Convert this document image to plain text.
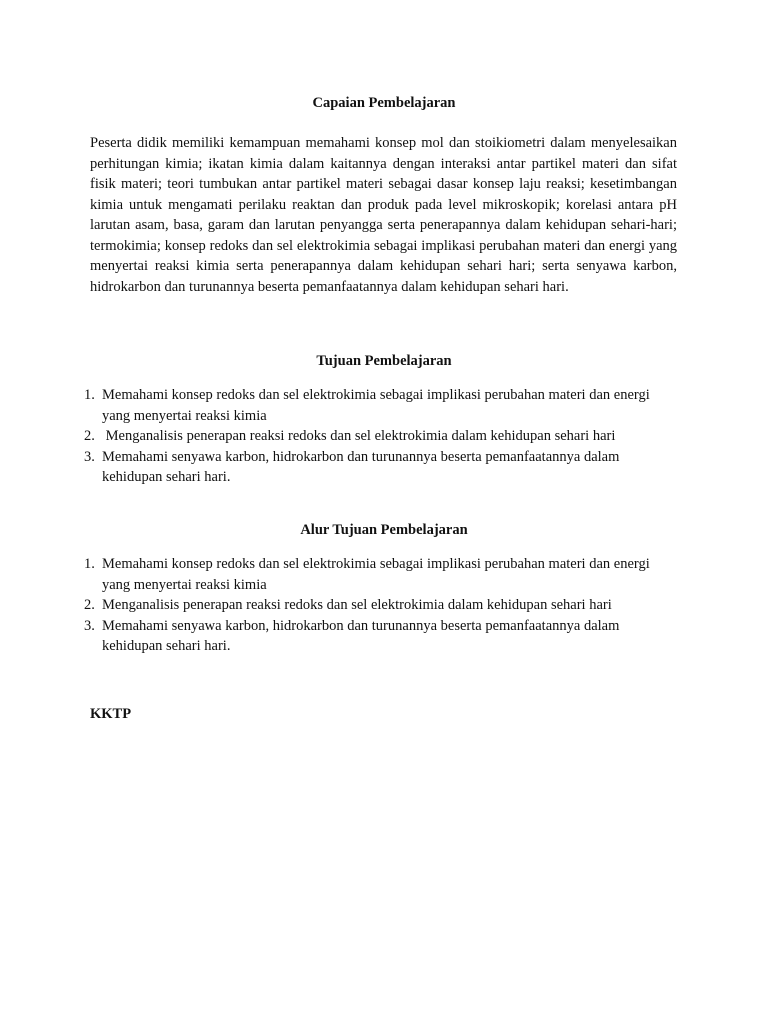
Capaian Pembelajaran

Peserta didik memiliki kemampuan memahami konsep mol dan stoikiometri dalam menyelesaikan perhitungan kimia; ikatan kimia dalam kaitannya dengan interaksi antar partikel materi dan sifat fisik materi; teori tumbukan antar partikel materi sebagai dasar konsep laju reaksi; kesetimbangan kimia untuk mengamati perilaku reaktan dan produk pada level mikroskopik; korelasi antara pH larutan asam, basa, garam dan larutan penyangga serta penerapannya dalam kehidupan sehari-hari; termokimia; konsep redoks dan sel elektrokimia sebagai implikasi perubahan materi dan energi yang menyertai reaksi kimia serta penerapannya dalam kehidupan sehari hari; serta senyawa karbon, hidrokarbon dan turunannya beserta pemanfaatannya dalam kehidupan sehari hari.

Tujuan Pembelajaran
1. Memahami konsep redoks dan sel elektrokimia sebagai implikasi perubahan materi dan energi yang menyertai reaksi kimia
2. Menganalisis penerapan reaksi redoks dan sel elektrokimia dalam kehidupan sehari hari
3. Memahami senyawa karbon, hidrokarbon dan turunannya beserta pemanfaatannya dalam kehidupan sehari hari.
Alur Tujuan Pembelajaran
1. Memahami konsep redoks dan sel elektrokimia sebagai implikasi perubahan materi dan energi yang menyertai reaksi kimia
2. Menganalisis penerapan reaksi redoks dan sel elektrokimia dalam kehidupan sehari hari
3. Memahami senyawa karbon, hidrokarbon dan turunannya beserta pemanfaatannya dalam kehidupan sehari hari.
KKTP
